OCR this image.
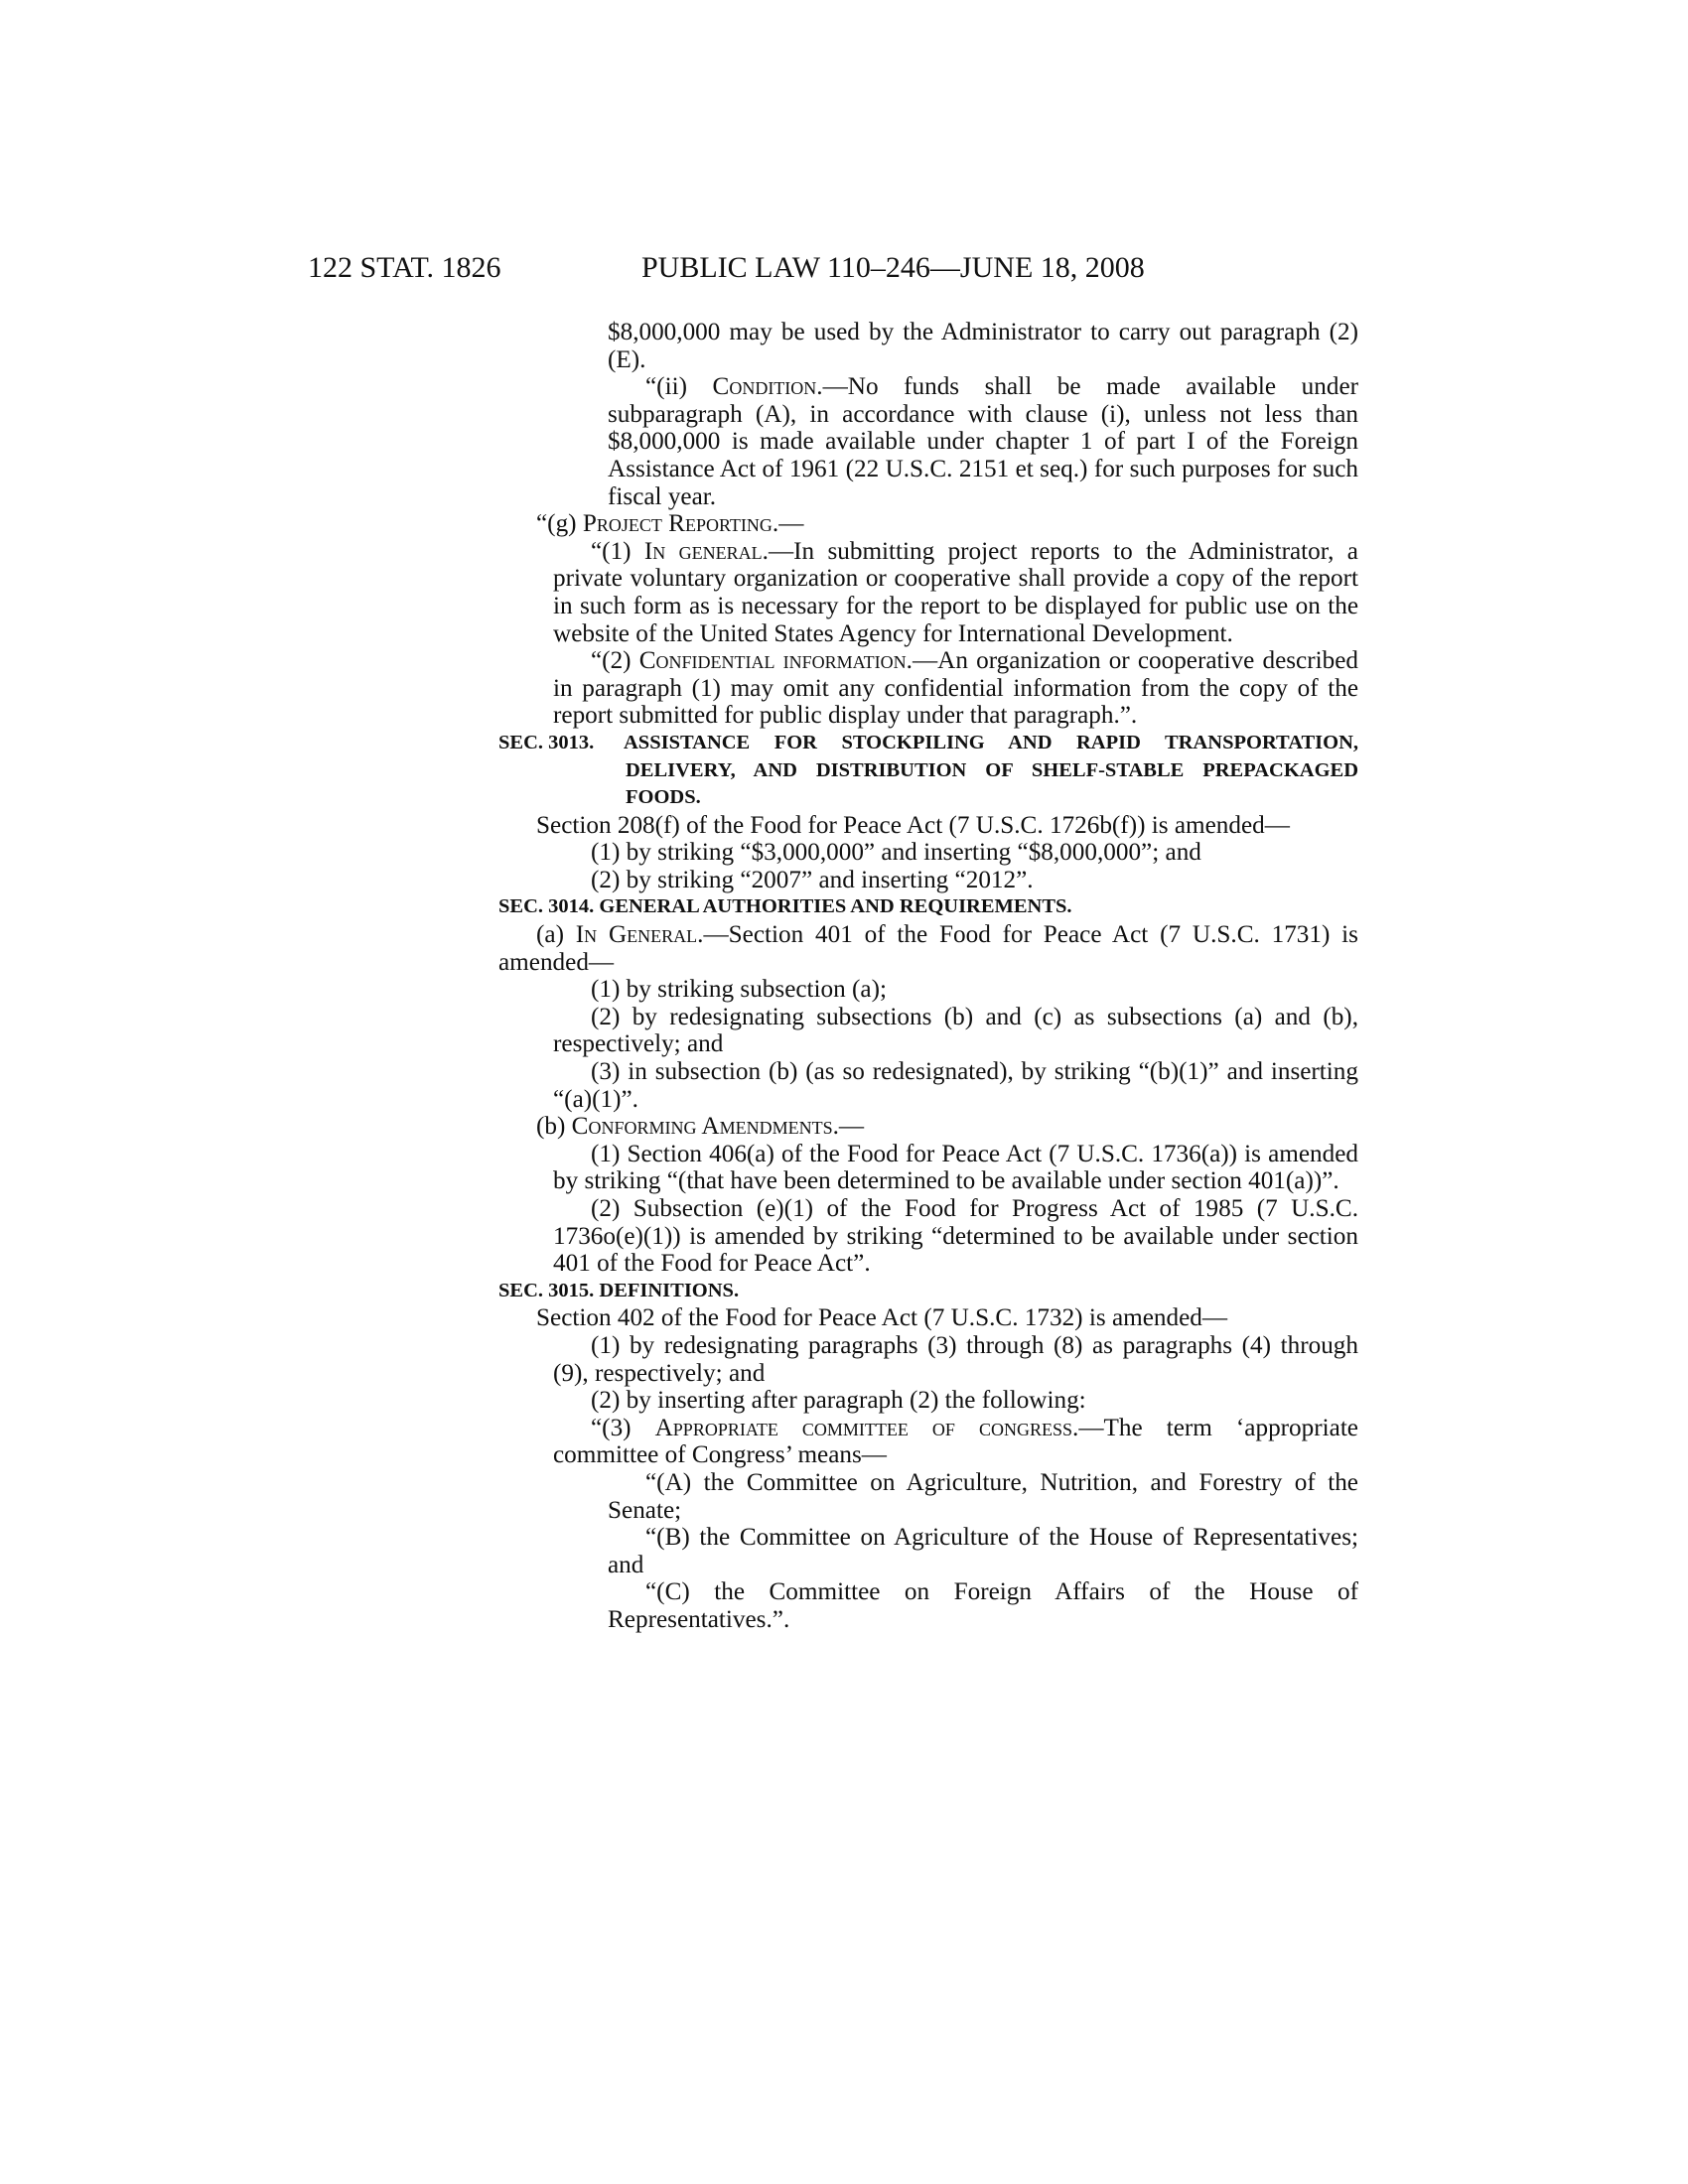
122 STAT. 1826	PUBLIC LAW 110–246—JUNE 18, 2008

$8,000,000 may be used by the Administrator to carry out paragraph (2)(E).

“(ii) Condition.—No funds shall be made available under subparagraph (A), in accordance with clause (i), unless not less than $8,000,000 is made available under chapter 1 of part I of the Foreign Assistance Act of 1961 (22 U.S.C. 2151 et seq.) for such purposes for such fiscal year.

“(g) Project Reporting.—

“(1) In general.—In submitting project reports to the Administrator, a private voluntary organization or cooperative shall provide a copy of the report in such form as is necessary for the report to be displayed for public use on the website of the United States Agency for International Development.

“(2) Confidential information.—An organization or cooperative described in paragraph (1) may omit any confidential information from the copy of the report submitted for public display under that paragraph.”.

SEC. 3013. ASSISTANCE FOR STOCKPILING AND RAPID TRANSPORTATION, DELIVERY, AND DISTRIBUTION OF SHELF-STABLE PREPACKAGED FOODS.

Section 208(f) of the Food for Peace Act (7 U.S.C. 1726b(f)) is amended—

(1) by striking “$3,000,000” and inserting “$8,000,000”; and

(2) by striking “2007” and inserting “2012”.

SEC. 3014. GENERAL AUTHORITIES AND REQUIREMENTS.

(a) In General.—Section 401 of the Food for Peace Act (7 U.S.C. 1731) is amended—

(1) by striking subsection (a);

(2) by redesignating subsections (b) and (c) as subsections (a) and (b), respectively; and

(3) in subsection (b) (as so redesignated), by striking “(b)(1)” and inserting “(a)(1)”.

(b) Conforming Amendments.—

(1) Section 406(a) of the Food for Peace Act (7 U.S.C. 1736(a)) is amended by striking “(that have been determined to be available under section 401(a))”.

(2) Subsection (e)(1) of the Food for Progress Act of 1985 (7 U.S.C. 1736o(e)(1)) is amended by striking “determined to be available under section 401 of the Food for Peace Act”.

SEC. 3015. DEFINITIONS.

Section 402 of the Food for Peace Act (7 U.S.C. 1732) is amended—

(1) by redesignating paragraphs (3) through (8) as paragraphs (4) through (9), respectively; and

(2) by inserting after paragraph (2) the following:

“(3) Appropriate committee of congress.—The term ‘appropriate committee of Congress’ means—

“(A) the Committee on Agriculture, Nutrition, and Forestry of the Senate;

“(B) the Committee on Agriculture of the House of Representatives; and

“(C) the Committee on Foreign Affairs of the House of Representatives.”.
